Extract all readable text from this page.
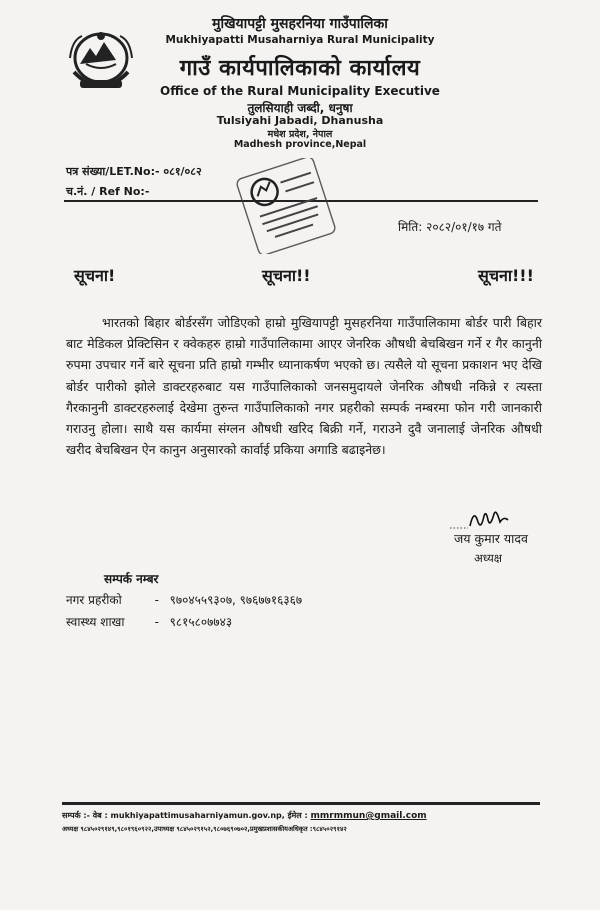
मुखियापट्टी मुसहरनिया गाउँपालिका
Mukhiyapatti Musaharniya Rural Municipality
गाउँ कार्यपालिकाको कार्यालय
Office of the Rural Municipality Executive
तुलसियाही जब्दी, धनुषा
Tulsiyahi Jabadi, Dhanusha
मधेश प्रदेश, नेपाल
Madhesh province,Nepal
पत्र संख्या/LET.No:- ०८१/०८२
च.नं. / Ref No:-
मिति: २०८२/०१/१७ गते
सूचना!	सूचना!!	सूचना!!!
भारतको बिहार बोर्डरसँग जोडिएको हाम्रो मुखियापट्टी मुसहरनिया गाउँपालिकामा बोर्डर पारी बिहार बाट मेडिकल प्रेक्टिसिन र क्वेकहरु हाम्रो गाउँपालिकामा आएर जेनरिक औषधी बेचबिखन गर्ने र गैर कानुनी रुपमा उपचार गर्ने बारे सूचना प्रति हाम्रो गम्भीर ध्यानाकर्षण भएको छ। त्यसैले यो सूचना प्रकाशन भए देखि बोर्डर पारीको झोले डाक्टरहरुबाट यस गाउँपालिकाको जनसमुदायले जेनरिक औषधी नकिन्ने र त्यस्ता गैरकानुनी डाक्टरहरुलाई देखेमा तुरुन्त गाउँपालिकाको नगर प्रहरीको सम्पर्क नम्बरमा फोन गरी जानकारी गराउनु होला। साथै यस कार्यमा संग्लन औषधी खरिद बिक्री गर्ने, गराउने दुवै जनालाई जेनरिक औषधी खरीद बेचबिखन ऐन कानुन अनुसारको कार्वाई प्रकिया अगाडि बढाइनेछ।
जय कुमार यादव
अध्यक्ष
सम्पर्क नम्बर
नगर प्रहरीको	- ९७०४५५९३०७, ९७६७७१६३६७
स्वास्थ्य शाखा	- ९८१५८०७७४३
सम्पर्क :- वेब : mukhiyapattimusaharniyamun.gov.np, ईमेल : mmrmmun@gmail.com
अध्यक्ष ९८४५०२९१४९,९८०१९६०९२२,उपाध्यक्ष ९८४५०२९१५२,९८०७६९०७०२,प्रमुखप्रशासकीयअधिकृत :९८४५०२९१४२
